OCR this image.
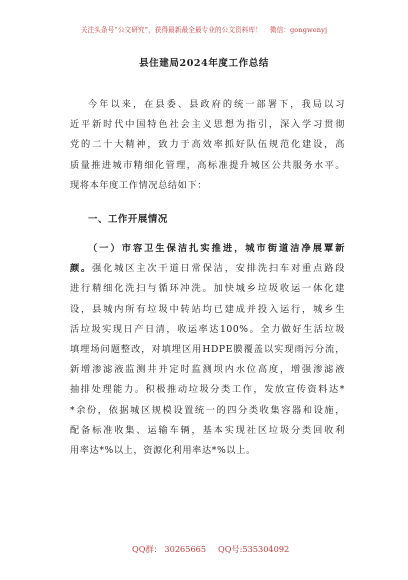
关注头条号“公文研究”，获得最新最全最专业的公文资料库！ 微信：gongwenyj
县住建局2024年度工作总结
今年以来，在县委、县政府的统一部署下，我局以习
近平新时代中国特色社会主义思想为指引，深入学习贯彻
党的二十大精神，致力于高效率抓好队伍规范化建设，高
质量推进城市精细化管理，高标准提升城区公共服务水平。
现将本年度工作情况总结如下：
一、工作开展情况
（一）市容卫生保洁扎实推进，城市街道洁净展覃新
颜。强化城区主次干道日常保洁，安排洗扫车对重点路段
进行精细化洗扫与循环冲洗。加快城乡垃圾收运一体化建
设，县城内所有垃圾中转站均已建成并投入运行，城乡生
活垃圾实现日产日清，收运率达100%。全力做好生活垃圾
填埋场问题整改，对填埋区用HDPE膜覆盖以实现雨污分流，
新增渗滤液监测井并定时监测坝内水位高度，增强渗滤液
抽排处理能力。积极推动垃圾分类工作，发放宣传资料达*
*余份，依据城区规模设置统一的四分类收集容器和设施，
配备标准收集、运输车辆，基本实现社区垃圾分类回收利
用率达*%以上，资源化利用率达*%以上。
QQ群： 30265665 QQ号:535304092
